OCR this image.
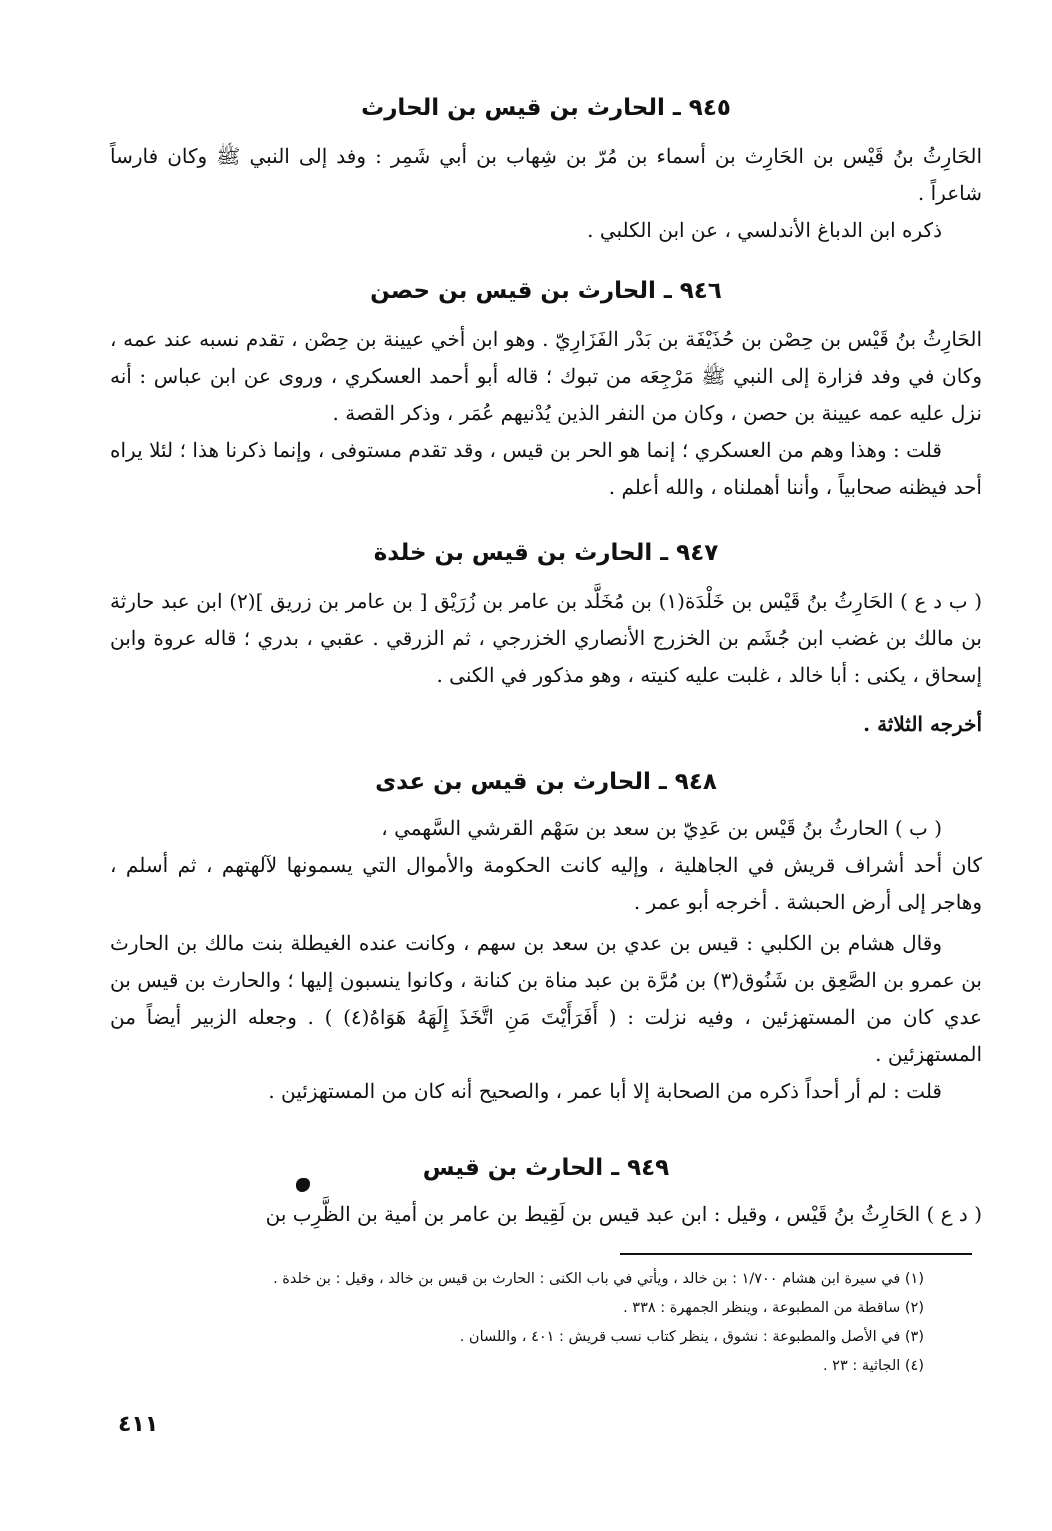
٩٤٥ ـ الحارث بن قيس بن الحارث

الحَارِثُ بنُ قَيْس بن الحَارِث بن أسماء بن مُرّ بن شِهاب بن أبي شَمِر : وفد إلى النبي ﷺ وكان فارساً شاعراً .

ذكره ابن الدباغ الأندلسي ، عن ابن الكلبي .

٩٤٦ ـ الحارث بن قيس بن حصن

الحَارِثُ بنُ قَيْس بن حِصْن بن حُذَيْفَة بن بَدْر الفَزَارِيّ . وهو ابن أخي عيينة بن حِصْن ، تقدم نسبه عند عمه ، وكان في وفد فزارة إلى النبي ﷺ مَرْجِعَه من تبوك ؛ قاله أبو أحمد العسكري ، وروى عن ابن عباس : أنه نزل عليه عمه عيينة بن حصن ، وكان من النفر الذين يُدْنيهم عُمَر ، وذكر القصة .

قلت : وهذا وهم من العسكري ؛ إنما هو الحر بن قيس ، وقد تقدم مستوفى ، وإنما ذكرنا هذا ؛ لئلا يراه أحد فيظنه صحابياً ، وأننا أهملناه ، والله أعلم .

٩٤٧ ـ الحارث بن قيس بن خلدة

( ب د ع ) الحَارِثُ بنُ قَيْس بن خَلْدَة(١) بن مُخَلَّد بن عامر بن زُرَيْق [ بن عامر بن زريق ](٢) ابن عبد حارثة بن مالك بن غضب ابن جُشَم بن الخزرج الأنصاري الخزرجي ، ثم الزرقي . عقبي ، بدري ؛ قاله عروة وابن إسحاق ، يكنى : أبا خالد ، غلبت عليه كنيته ، وهو مذكور في الكنى .

أخرجه الثلاثة .

٩٤٨ ـ الحارث بن قيس بن عدى

( ب ) الحارثُ بنُ قَيْس بن عَدِيّ بن سعد بن سَهْم القرشي السَّهمي ،

كان أحد أشراف قريش في الجاهلية ، وإليه كانت الحكومة والأموال التي يسمونها لآلهتهم ، ثم أسلم ، وهاجر إلى أرض الحبشة . أخرجه أبو عمر .

وقال هشام بن الكلبي : قيس بن عدي بن سعد بن سهم ، وكانت عنده الغيطلة بنت مالك بن الحارث بن عمرو بن الصَّعِق بن شَنُوق(٣) بن مُرَّة بن عبد مناة بن كنانة ، وكانوا ينسبون إليها ؛ والحارث بن قيس بن عدي كان من المستهزئين ، وفيه نزلت : ( أَفَرَأَيْتَ مَنِ اتَّخَذَ إِلَهَهُ هَوَاهُ(٤) ) . وجعله الزبير أيضاً من المستهزئين .

قلت : لم أر أحداً ذكره من الصحابة إلا أبا عمر ، والصحيح أنه كان من المستهزئين .

٩٤٩ ـ الحارث بن قيس

( د ع ) الحَارِثُ بنُ قَيْس ، وقيل : ابن عبد قيس بن لَقِيط بن عامر بن أمية بن الظَّرِب بن

(١) في سيرة ابن هشام ١/٧٠٠ : بن خالد ، ويأتي في باب الكنى : الحارث بن قيس بن خالد ، وقيل : بن خلدة .
(٢) ساقطة من المطبوعة ، وينظر الجمهرة : ٣٣٨ .
(٣) في الأصل والمطبوعة : نشوق ، ينظر كتاب نسب قريش : ٤٠١ ، واللسان .
(٤) الجاثية : ٢٣ .
٤١١
